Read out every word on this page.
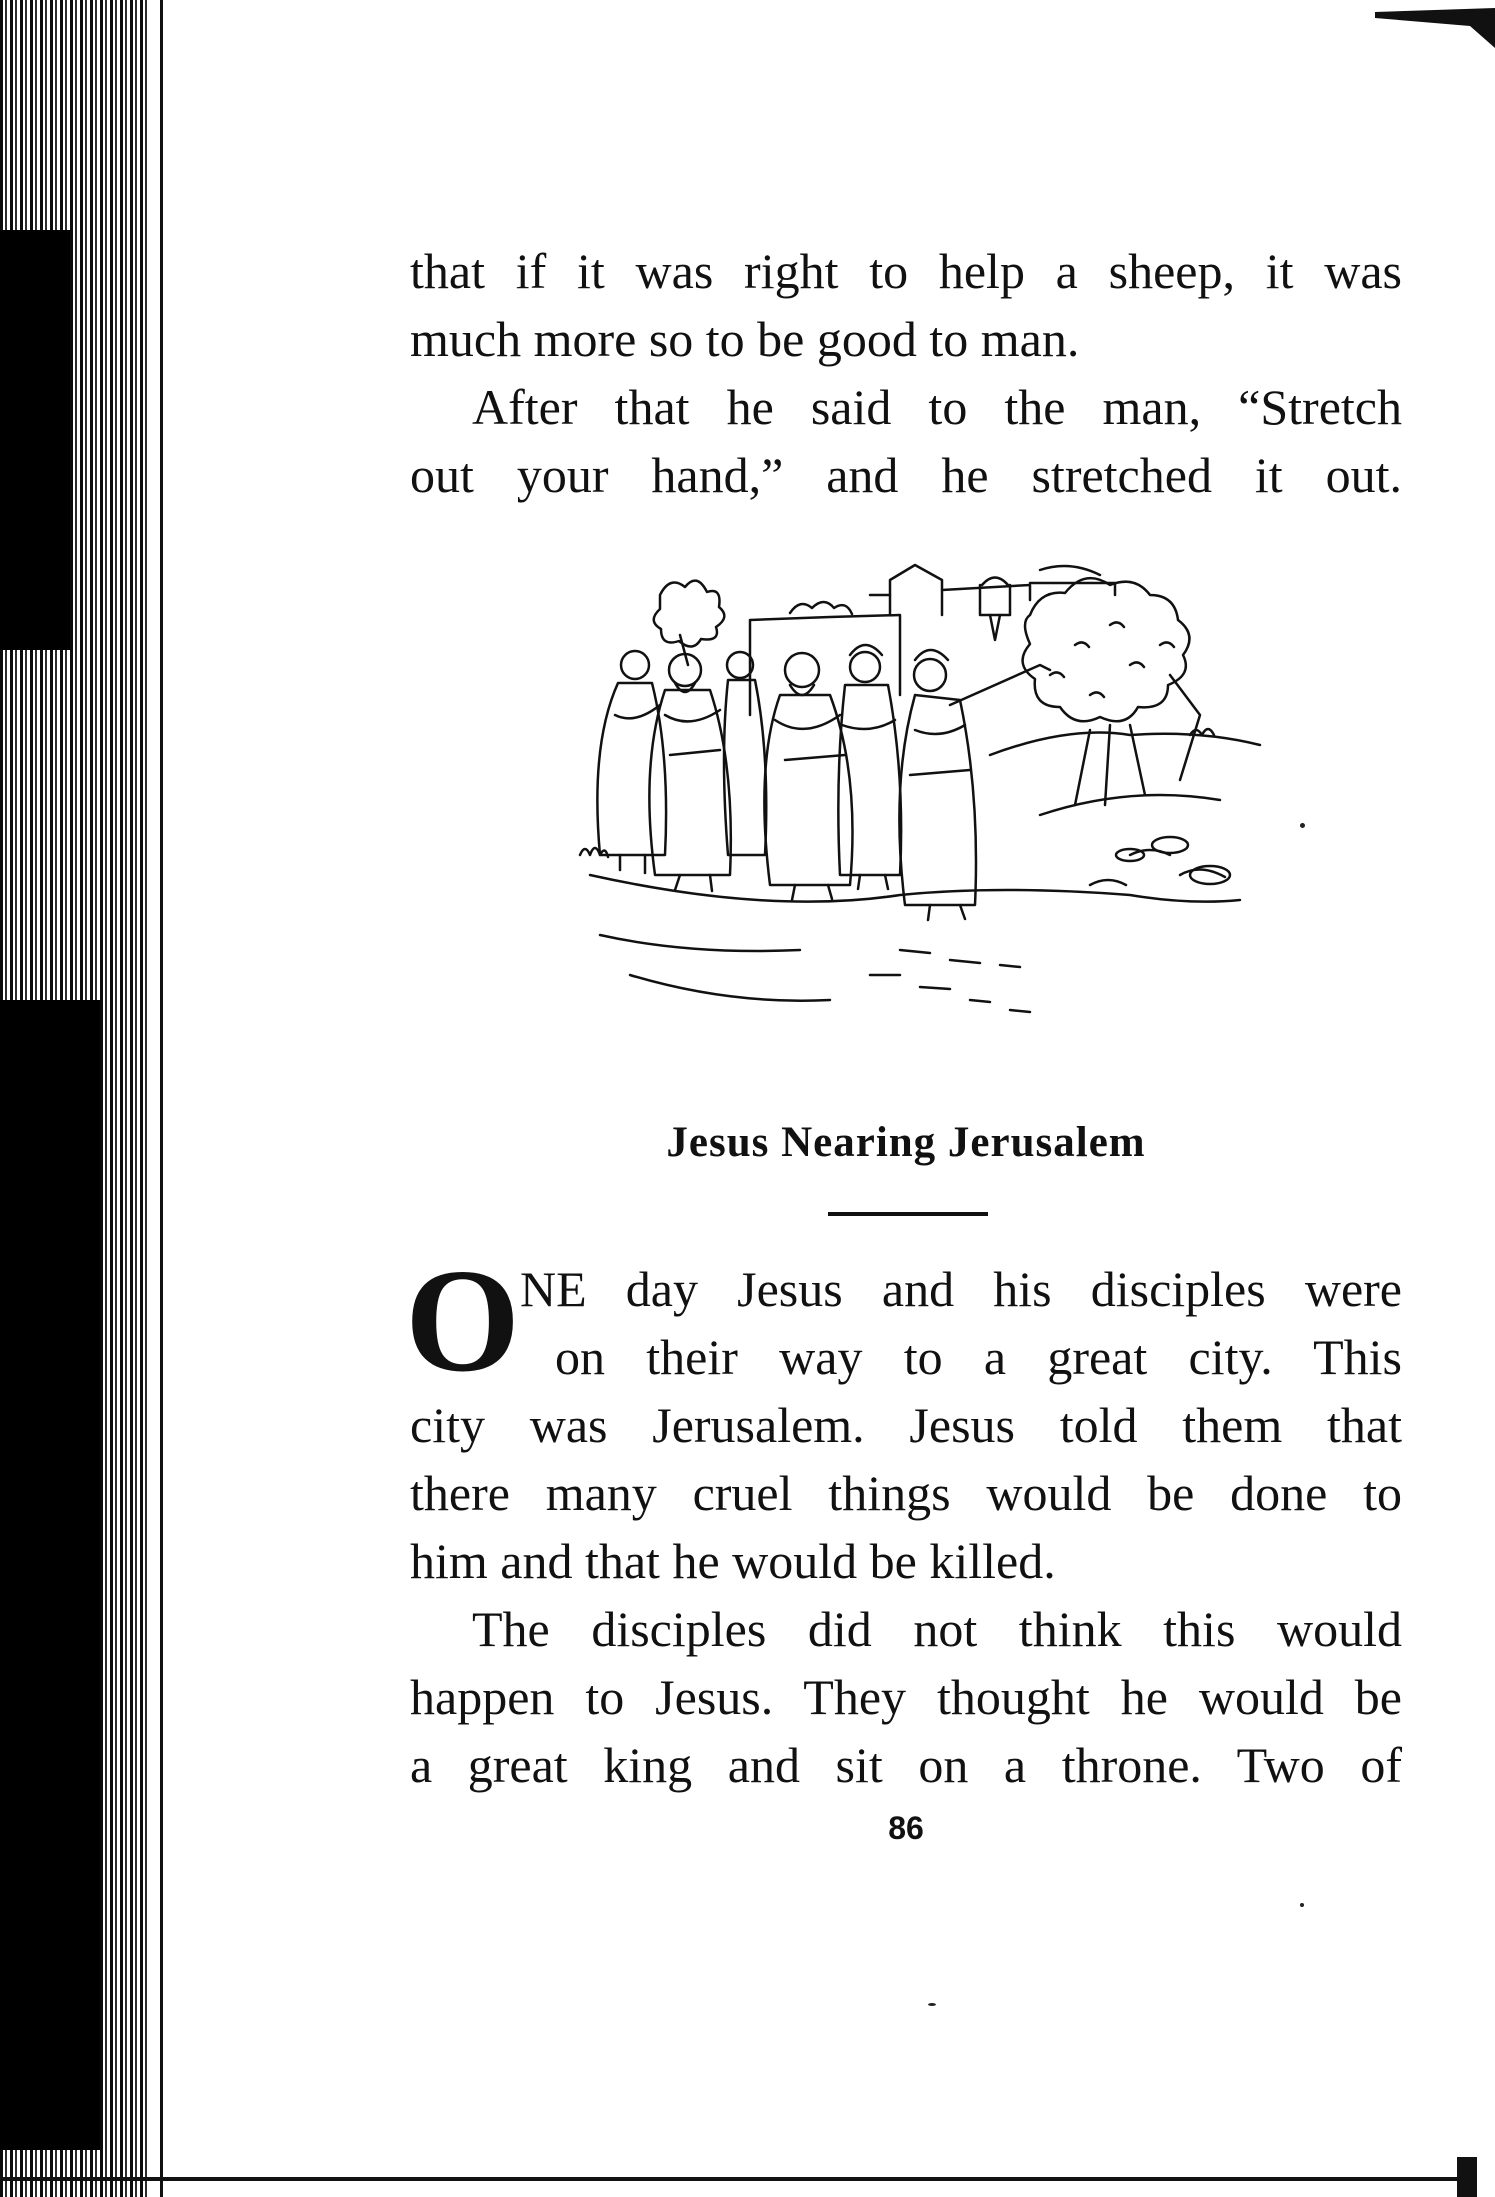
that if it was right to help a sheep, it was
much more so to be good to man.
After that he said to the man, “Stretch
out your hand,” and he stretched it out.
Jesus Nearing Jerusalem
O NE day Jesus and his disciples were
on their way to a great city. This
city was Jerusalem. Jesus told them that
there many cruel things would be done to
him and that he would be killed.
The disciples did not think this would
happen to Jesus. They thought he would be
a great king and sit on a throne. Two of
86
